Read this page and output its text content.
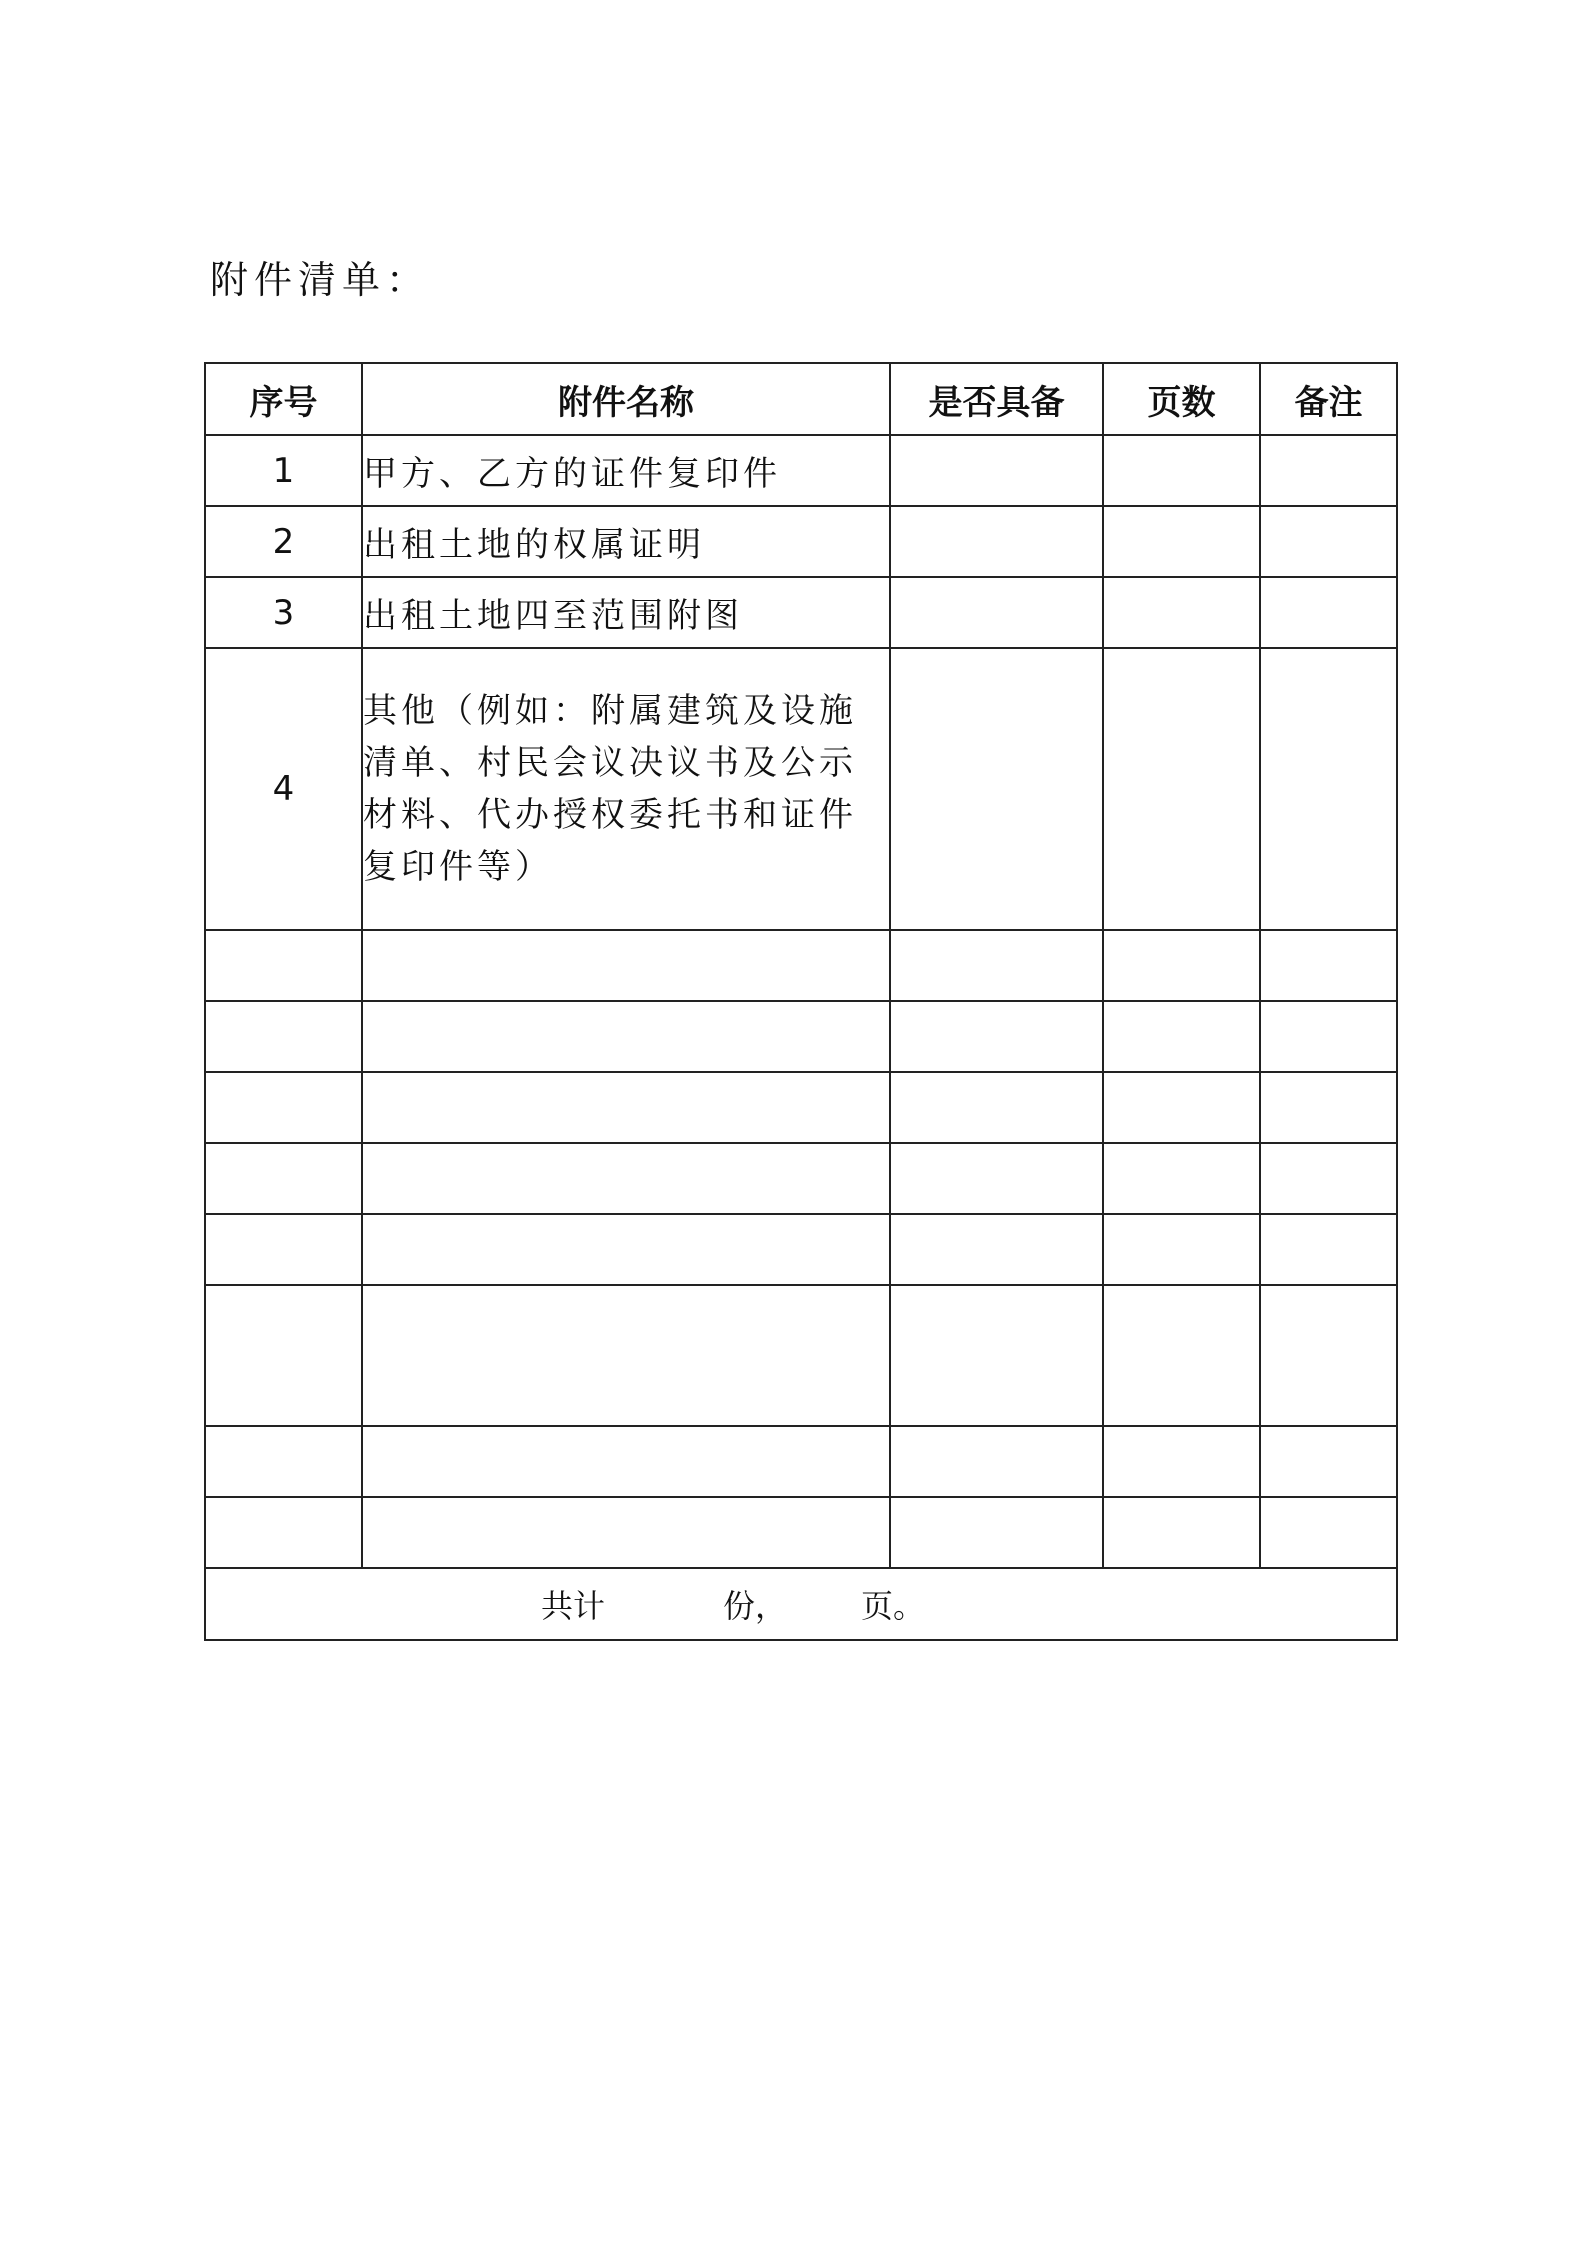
附件清单：
序号	附件名称	是否具备	页数	备注
1	甲方、乙方的证件复印件			
2	出租土地的权属证明			
3	出租土地四至范围附图			
4	其他（例如：附属建筑及设施清单、村民会议决议书及公示材料、代办授权委托书和证件复印件等）			

共计 份， 页。				
